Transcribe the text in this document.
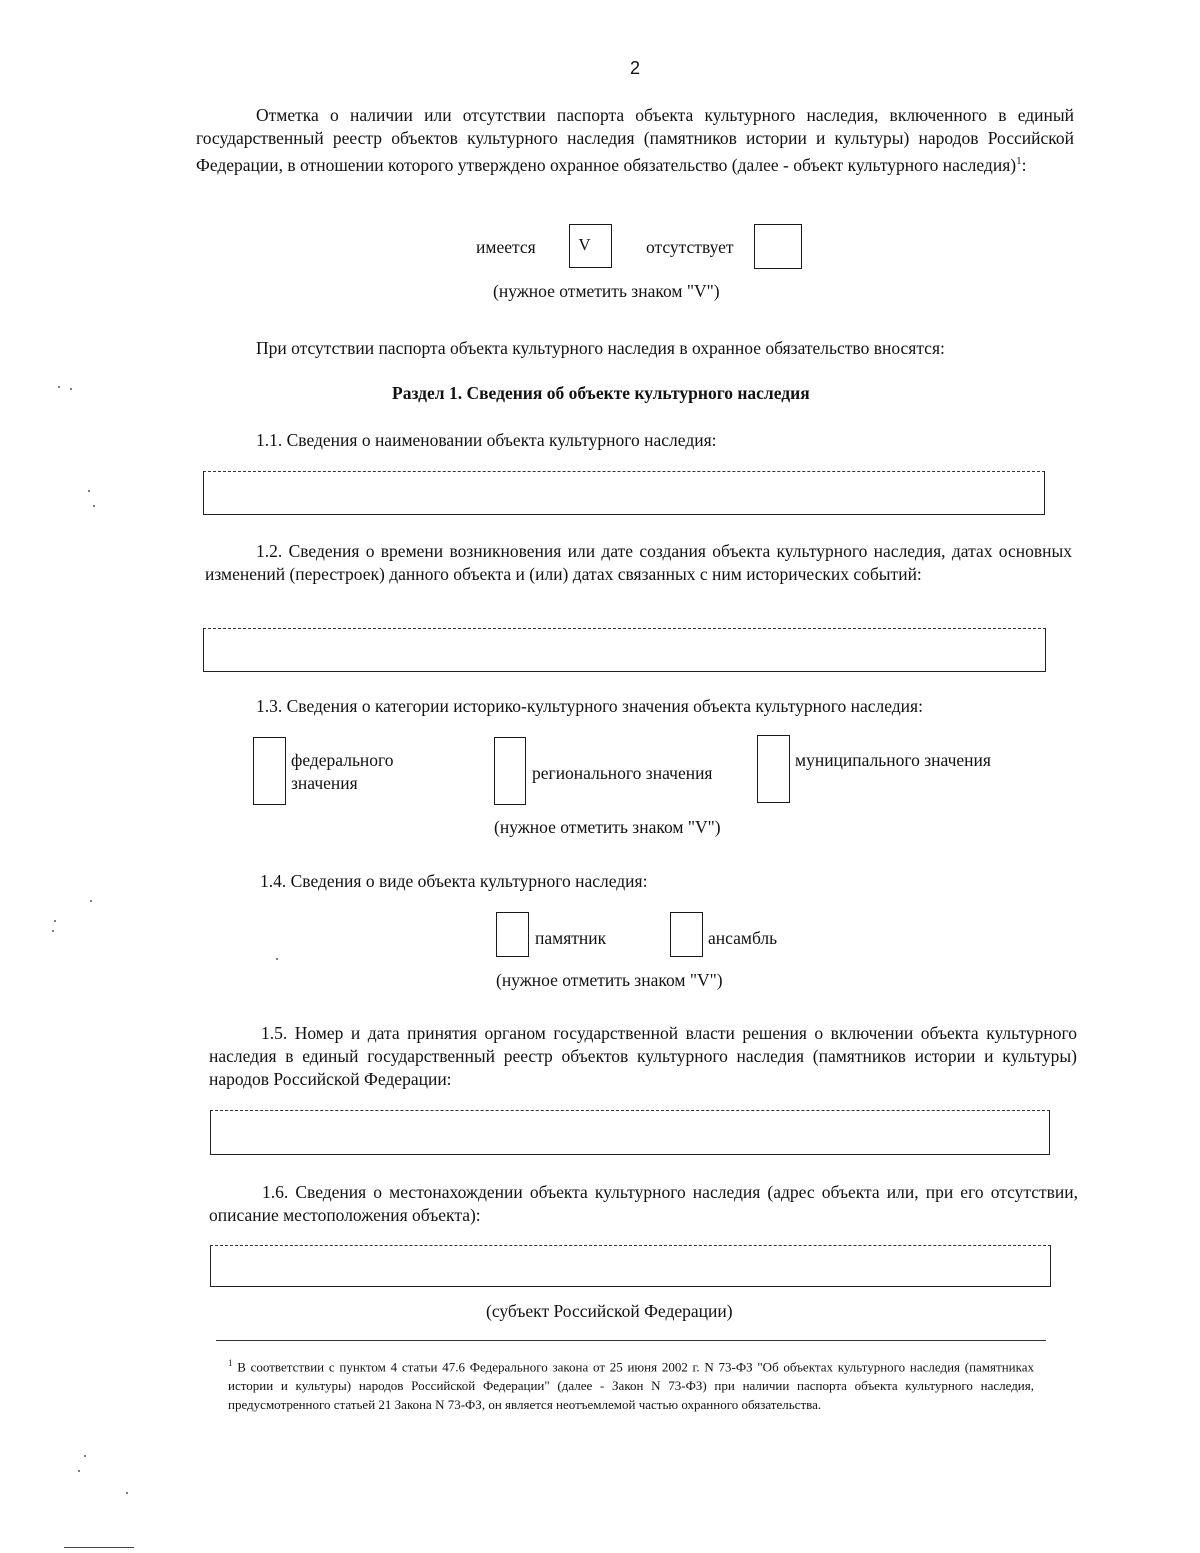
2

Отметка о наличии или отсутствии паспорта объекта культурного наследия, включенного в единый государственный реестр объектов культурного наследия (памятников истории и культуры) народов Российской Федерации, в отношении которого утверждено охранное обязательство (далее - объект культурного наследия)$^1$:

имеется	V	отсутствует
(нужное отметить знаком "V")
При отсутствии паспорта объекта культурного наследия в охранное обязательство вносятся:
Раздел 1. Сведения об объекте культурного наследия
1.1. Сведения о наименовании объекта культурного наследия:

1.2. Сведения о времени возникновения или дате создания объекта культурного наследия, датах основных изменений (перестроек) данного объекта и (или) датах связанных с ним исторических событий:

1.3. Сведения о категории историко-культурного значения объекта культурного наследия:
федерального
значения	регионального значения
муниципального значения
(нужное отметить знаком "V")
1.4. Сведения о виде объекта культурного наследия:
памятник	ансамбль
(нужное отметить знаком "V")

1.5. Номер и дата принятия органом государственной власти решения о включении объекта культурного наследия в единый государственный реестр объектов культурного наследия (памятников истории и культуры) народов Российской Федерации:

1.6. Сведения о местонахождении объекта культурного наследия (адрес объекта или, при его отсутствии, описание местоположения объекта):

(субъект Российской Федерации)
$^1$ В соответствии с пунктом 4 статьи 47.6 Федерального закона от 25 июня 2002 г. N 73-ФЗ "Об объектах культурного наследия (памятниках истории и культуры) народов Российской Федерации" (далее - Закон N 73-ФЗ) при наличии паспорта объекта культурного наследия, предусмотренного статьей 21 Закона N 73-ФЗ, он является неотъемлемой частью охранного обязательства.
